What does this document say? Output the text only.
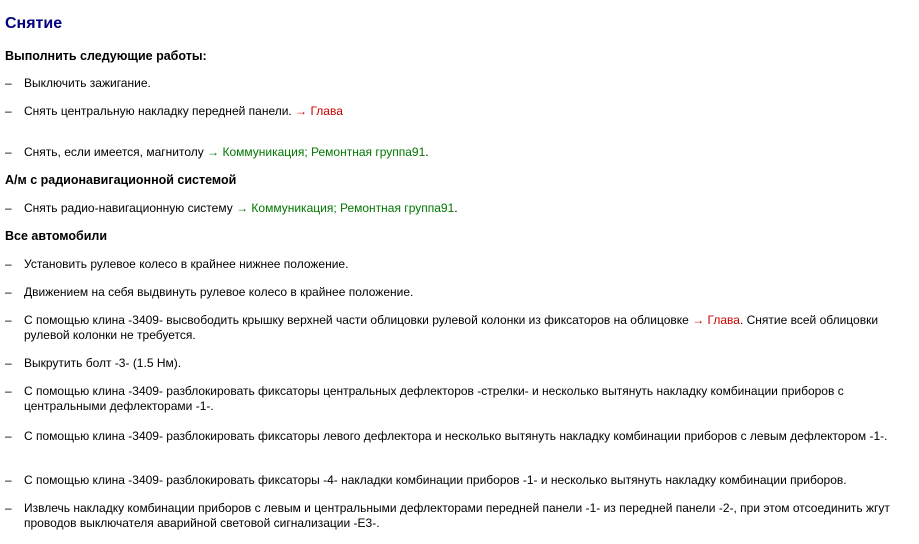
Снятие
Выполнить следующие работы:
– Выключить зажигание.
– Снять центральную накладку передней панели. → Глава
– Снять, если имеется, магнитолу → Коммуникация; Ремонтная группа91.
А/м с радионавигационной системой
– Снять радио-навигационную систему → Коммуникация; Ремонтная группа91.
Все автомобили
– Установить рулевое колесо в крайнее нижнее положение.
– Движением на себя выдвинуть рулевое колесо в крайнее положение.
– С помощью клина -3409- высвободить крышку верхней части облицовки рулевой колонки из фиксаторов на облицовке → Глава. Снятие всей облицовки рулевой колонки не требуется.
– Выкрутить болт -3- (1.5 Нм).
– С помощью клина -3409- разблокировать фиксаторы центральных дефлекторов -стрелки- и несколько вытянуть накладку комбинации приборов с центральными дефлекторами -1-.
– С помощью клина -3409- разблокировать фиксаторы левого дефлектора и несколько вытянуть накладку комбинации приборов с левым дефлектором -1-.
– С помощью клина -3409- разблокировать фиксаторы -4- накладки комбинации приборов -1- и несколько вытянуть накладку комбинации приборов.
– Извлечь накладку комбинации приборов с левым и центральными дефлекторами передней панели -1- из передней панели -2-, при этом отсоединить жгут проводов выключателя аварийной световой сигнализации -E3-.
